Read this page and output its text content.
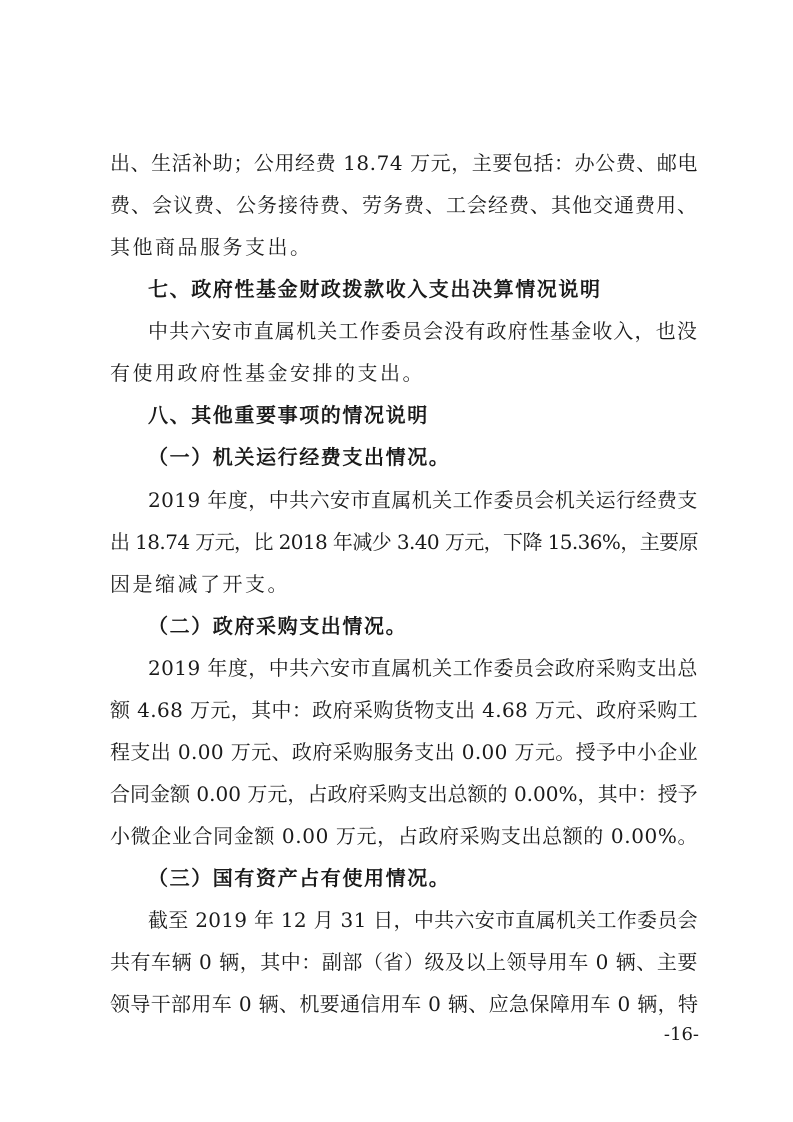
出、生活补助；公用经费 18.74 万元，主要包括：办公费、邮电
费、会议费、公务接待费、劳务费、工会经费、其他交通费用、
其他商品服务支出。
七、政府性基金财政拨款收入支出决算情况说明
中共六安市直属机关工作委员会没有政府性基金收入，也没
有使用政府性基金安排的支出。
八、其他重要事项的情况说明
（一）机关运行经费支出情况。
2019 年度，中共六安市直属机关工作委员会机关运行经费支
出 18.74 万元，比 2018 年减少 3.40 万元，下降 15.36%，主要原
因是缩减了开支。
（二）政府采购支出情况。
2019 年度，中共六安市直属机关工作委员会政府采购支出总
额 4.68 万元，其中：政府采购货物支出 4.68 万元、政府采购工
程支出 0.00 万元、政府采购服务支出 0.00 万元。授予中小企业
合同金额 0.00 万元，占政府采购支出总额的 0.00%，其中：授予
小微企业合同金额 0.00 万元，占政府采购支出总额的 0.00%。
（三）国有资产占有使用情况。
截至 2019 年 12 月 31 日，中共六安市直属机关工作委员会
共有车辆 0 辆，其中：副部（省）级及以上领导用车 0 辆、主要
领导干部用车 0 辆、机要通信用车 0 辆、应急保障用车 0 辆，特
-16-
